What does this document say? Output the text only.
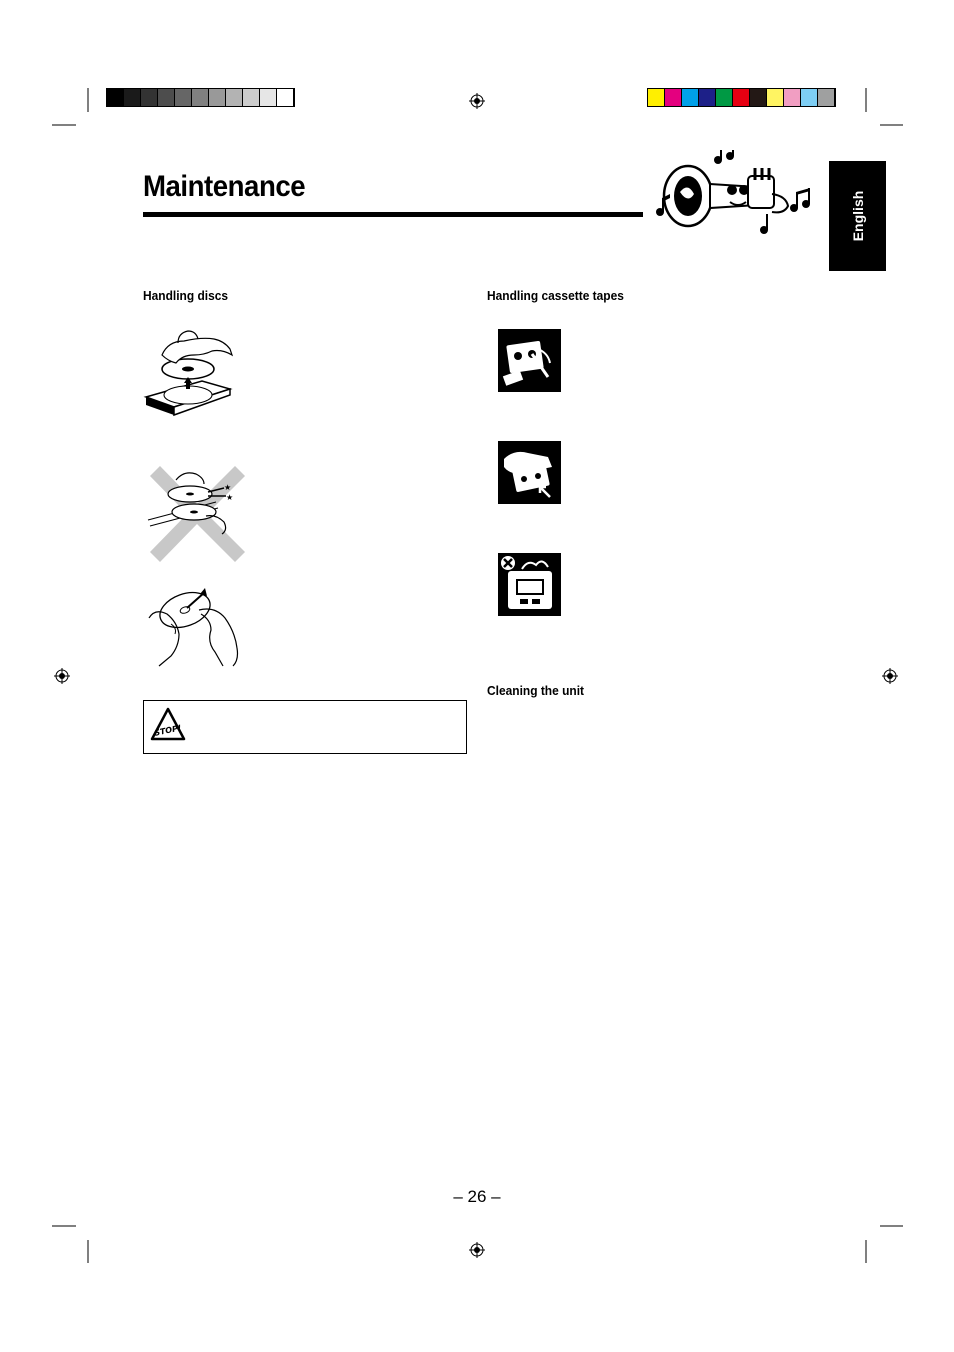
Maintenance
English
Handling discs	Handling cassette tapes
Cleaning the unit
★
★
STOP!
– 26 –
